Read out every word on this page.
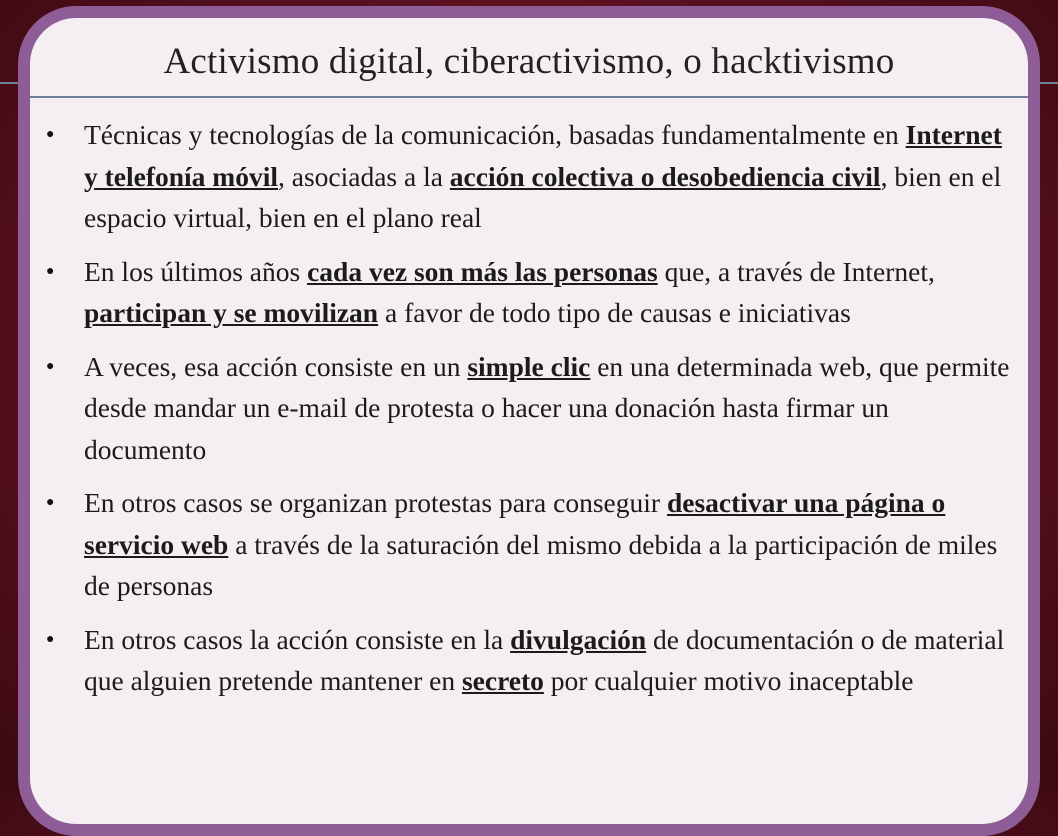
Activismo digital, ciberactivismo, o hacktivismo
● Técnicas y tecnologías de la comunicación, basadas fundamentalmente en Internet y telefonía móvil, asociadas a la acción colectiva o desobediencia civil, bien en el espacio virtual, bien en el plano real
● En los últimos años cada vez son más las personas que, a través de Internet, participan y se movilizan a favor de todo tipo de causas e iniciativas
● A veces, esa acción consiste en un simple clic en una determinada web, que permite desde mandar un e-mail de protesta o hacer una donación hasta firmar un documento
● En otros casos se organizan protestas para conseguir desactivar una página o servicio web a través de la saturación del mismo debida a la participación de miles de personas
● En otros casos la acción consiste en la divulgación de documentación o de material que alguien pretende mantener en secreto por cualquier motivo inaceptable
